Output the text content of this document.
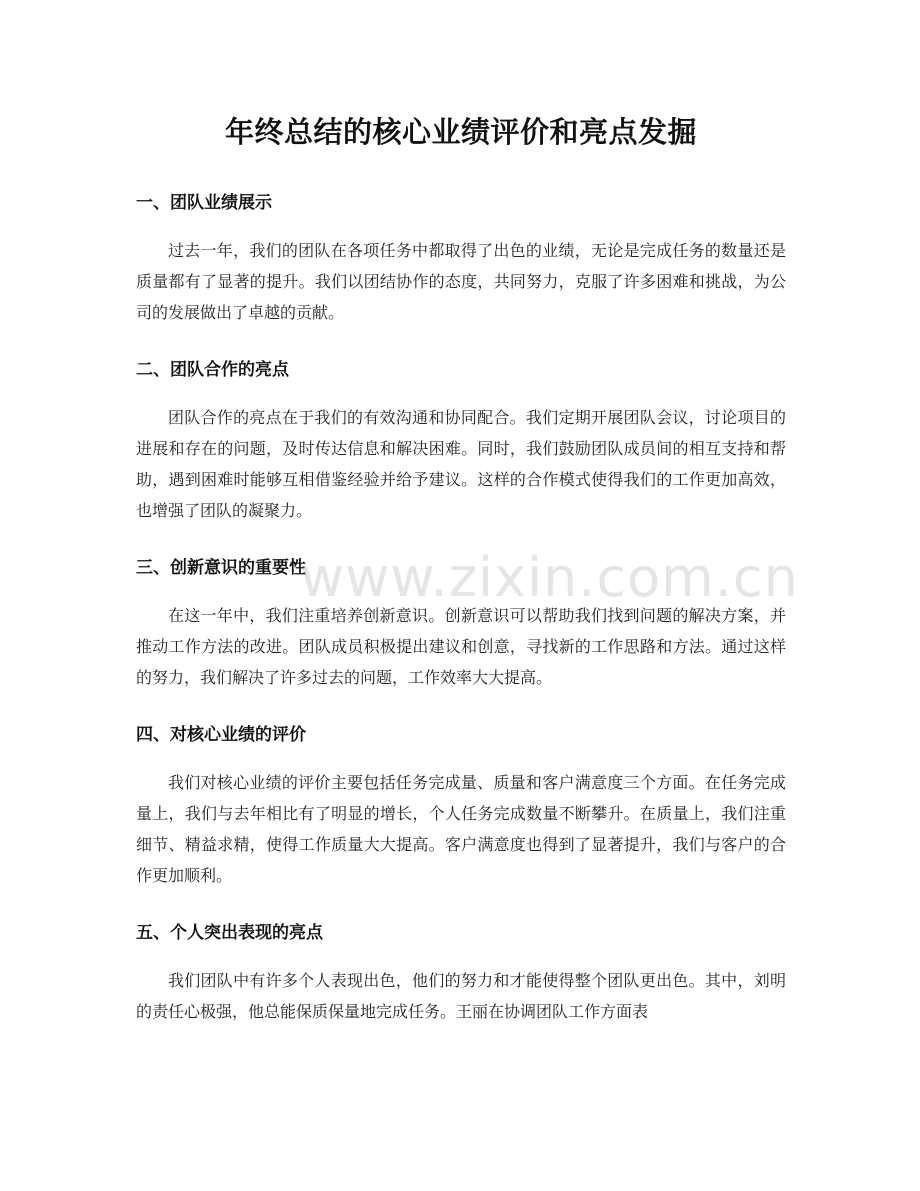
年终总结的核心业绩评价和亮点发掘
一、团队业绩展示

过去一年，我们的团队在各项任务中都取得了出色的业绩，无论是完成任务的数量还是质量都有了显著的提升。我们以团结协作的态度，共同努力，克服了许多困难和挑战，为公司的发展做出了卓越的贡献。

二、团队合作的亮点

团队合作的亮点在于我们的有效沟通和协同配合。我们定期开展团队会议，讨论项目的进展和存在的问题，及时传达信息和解决困难。同时，我们鼓励团队成员间的相互支持和帮助，遇到困难时能够互相借鉴经验并给予建议。这样的合作模式使得我们的工作更加高效，也增强了团队的凝聚力。

三、创新意识的重要性

在这一年中，我们注重培养创新意识。创新意识可以帮助我们找到问题的解决方案，并推动工作方法的改进。团队成员积极提出建议和创意，寻找新的工作思路和方法。通过这样的努力，我们解决了许多过去的问题，工作效率大大提高。

四、对核心业绩的评价

我们对核心业绩的评价主要包括任务完成量、质量和客户满意度三个方面。在任务完成量上，我们与去年相比有了明显的增长，个人任务完成数量不断攀升。在质量上，我们注重细节、精益求精，使得工作质量大大提高。客户满意度也得到了显著提升，我们与客户的合作更加顺利。

五、个人突出表现的亮点

我们团队中有许多个人表现出色，他们的努力和才能使得整个团队更出色。其中，刘明的责任心极强，他总能保质保量地完成任务。王丽在协调团队工作方面表

www.zixin.com.cn
